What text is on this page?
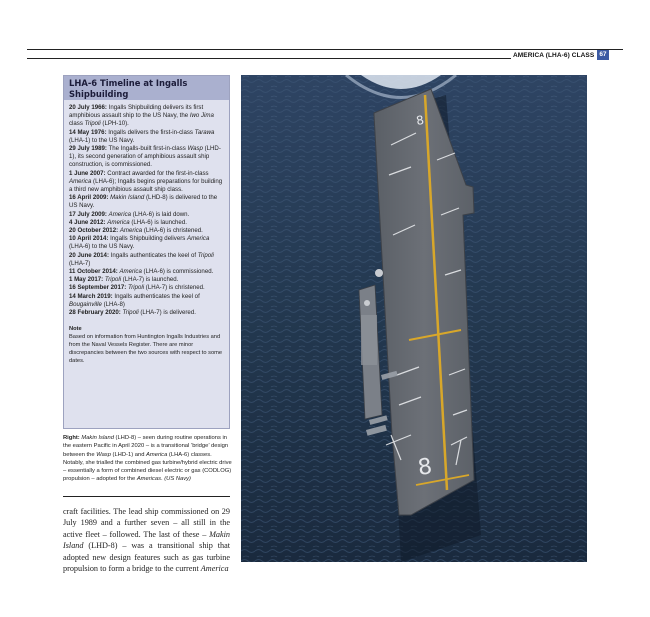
AMERICA (LHA-6) CLASS 67
LHA-6 Timeline at Ingalls
Shipbuilding
20 July 1966: Ingalls Shipbuilding delivers its first amphibious assault ship to the US Navy, the Iwo Jima class Tripoli (LPH-10).
14 May 1976: Ingalls delivers the first-in-class Tarawa (LHA-1) to the US Navy.
29 July 1989: The Ingalls-built first-in-class Wasp (LHD-1), its second generation of amphibious assault ship construction, is commissioned.
1 June 2007: Contract awarded for the first-in-class America (LHA-6); Ingalls begins preparations for building a third new amphibious assault ship class.
16 April 2009: Makin Island (LHD-8) is delivered to the US Navy.
17 July 2009: America (LHA-6) is laid down.
4 June 2012: America (LHA-6) is launched.
20 October 2012: America (LHA-6) is christened.
10 April 2014: Ingalls Shipbuilding delivers America (LHA-6) to the US Navy.
20 June 2014: Ingalls authenticates the keel of Tripoli (LHA-7)
11 October 2014: America (LHA-6) is commissioned.
1 May 2017: Tripoli (LHA-7) is launched.
16 September 2017: Tripoli (LHA-7) is christened.
14 March 2019: Ingalls authenticates the keel of Bougainville (LHA-8)
28 February 2020: Tripoli (LHA-7) is delivered.
Note
Based on information from Huntington Ingalls Industries and from the Naval Vessels Register. There are minor discrepancies between the two sources with respect to some dates.
Right: Makin Island (LHD-8) – seen during routine operations in the eastern Pacific in April 2020 – is a transitional ‘bridge’ design between the Wasp (LHD-1) and America (LHA-6) classes. Notably, she trialled the combined gas turbine/hybrid electric drive – essentially a form of combined diesel electric or gas (CODLOG) propulsion – adopted for the Americas. (US Navy)
craft facilities. The lead ship commissioned on 29 July 1989 and a further seven – all still in the active fleet – followed. The last of these – Makin Island (LHD-8) – was a transitional ship that adopted new design features such as gas turbine propulsion to form a bridge to the current America
8
8
